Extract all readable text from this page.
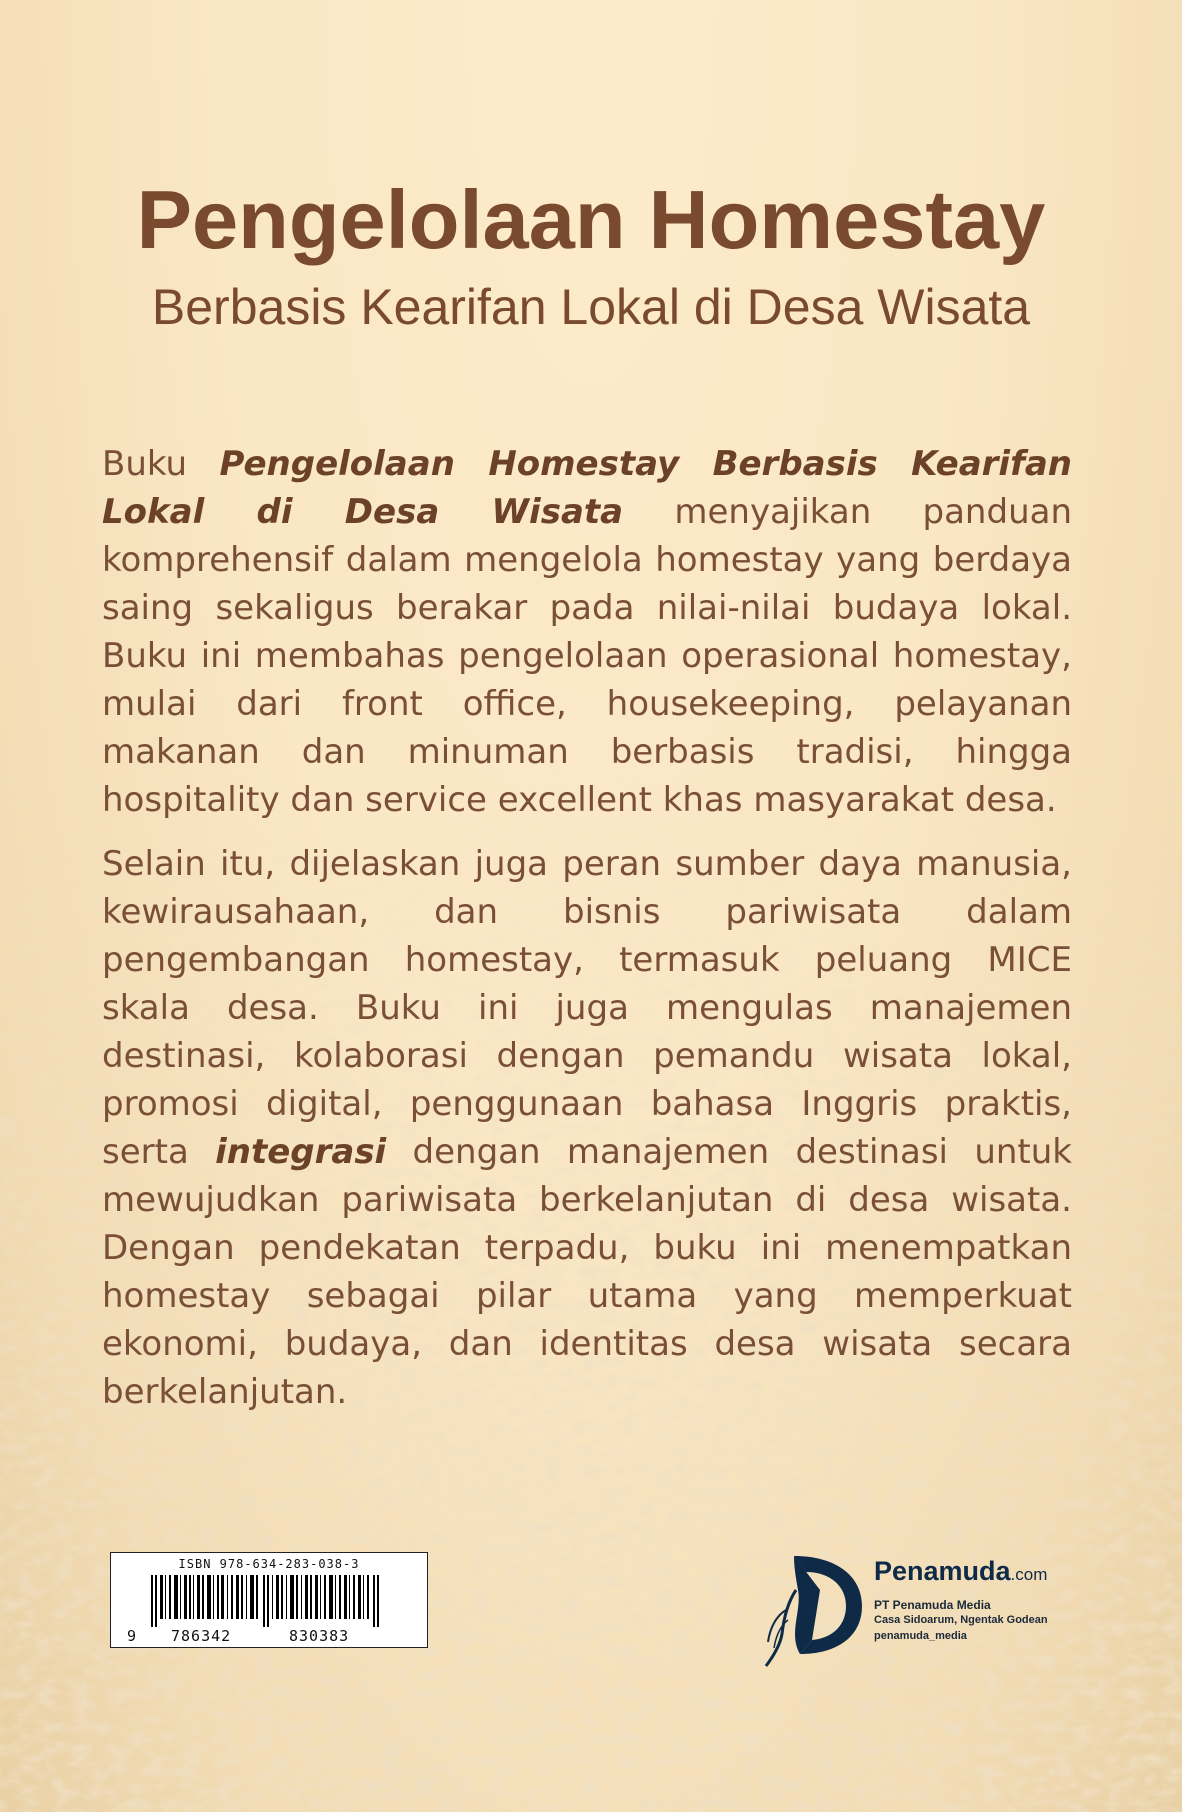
Pengelolaan Homestay
Berbasis Kearifan Lokal di Desa Wisata

Buku Pengelolaan Homestay Berbasis Kearifan Lokal di Desa Wisata menyajikan panduan komprehensif dalam mengelola homestay yang berdaya saing sekaligus berakar pada nilai-nilai budaya lokal. Buku ini membahas pengelolaan operasional homestay, mulai dari front office, housekeeping, pelayanan makanan dan minuman berbasis tradisi, hingga hospitality dan service excellent khas masyarakat desa.

Selain itu, dijelaskan juga peran sumber daya manusia, kewirausahaan, dan bisnis pariwisata dalam pengembangan homestay, termasuk peluang MICE skala desa. Buku ini juga mengulas manajemen destinasi, kolaborasi dengan pemandu wisata lokal, promosi digital, penggunaan bahasa Inggris praktis, serta integrasi dengan manajemen destinasi untuk mewujudkan pariwisata berkelanjutan di desa wisata. Dengan pendekatan terpadu, buku ini menempatkan homestay sebagai pilar utama yang memperkuat ekonomi, budaya, dan identitas desa wisata secara berkelanjutan.

ISBN 978-634-283-038-3
9 786342	830383
Penamuda.com
PT Penamuda Media
Casa Sidoarum, Ngentak Godean
penamuda_media
